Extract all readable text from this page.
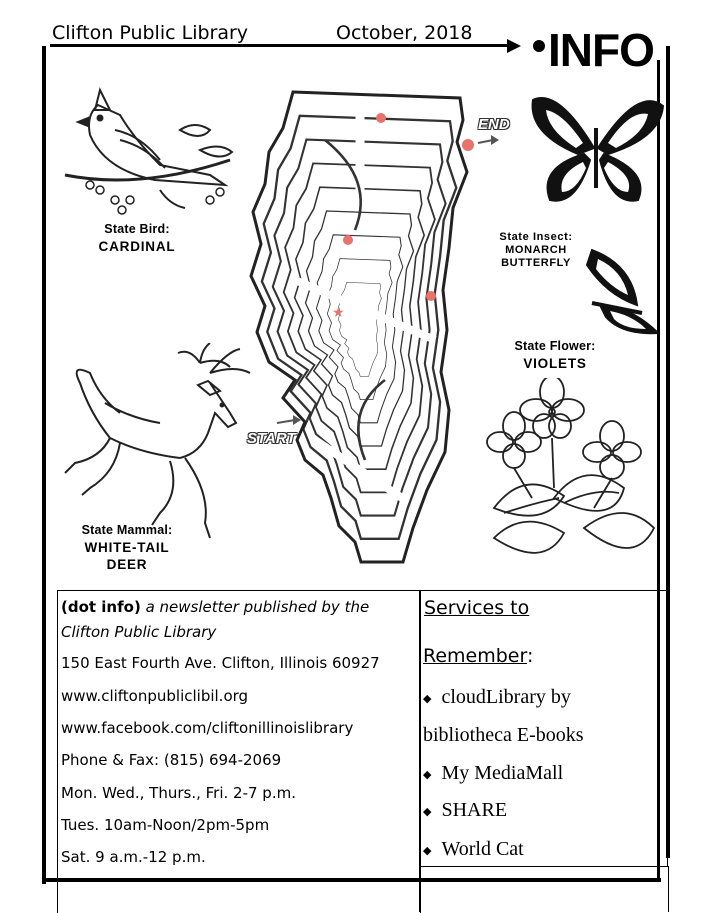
Clifton Public Library	October, 2018 INFO
★
END
START
State Bird:
CARDINAL
State Insect:
MONARCH
BUTTERFLY
State Flower:
VIOLETS
State Mammal:
WHITE-TAIL DEER
(dot info) a newsletter published by the
Clifton Public Library
150 East Fourth Ave. Clifton, Illinois 60927
www.cliftonpubliclibil.org
www.facebook.com/cliftonillinoislibrary
Phone & Fax: (815) 694-2069
Mon. Wed., Thurs., Fri. 2-7 p.m.
Tues. 10am-Noon/2pm-5pm
Sat. 9 a.m.-12 p.m.
Services to
Remember:
◆ cloudLibrary by
bibliotheca E-books
◆ My MediaMall
◆ SHARE
◆ World Cat
